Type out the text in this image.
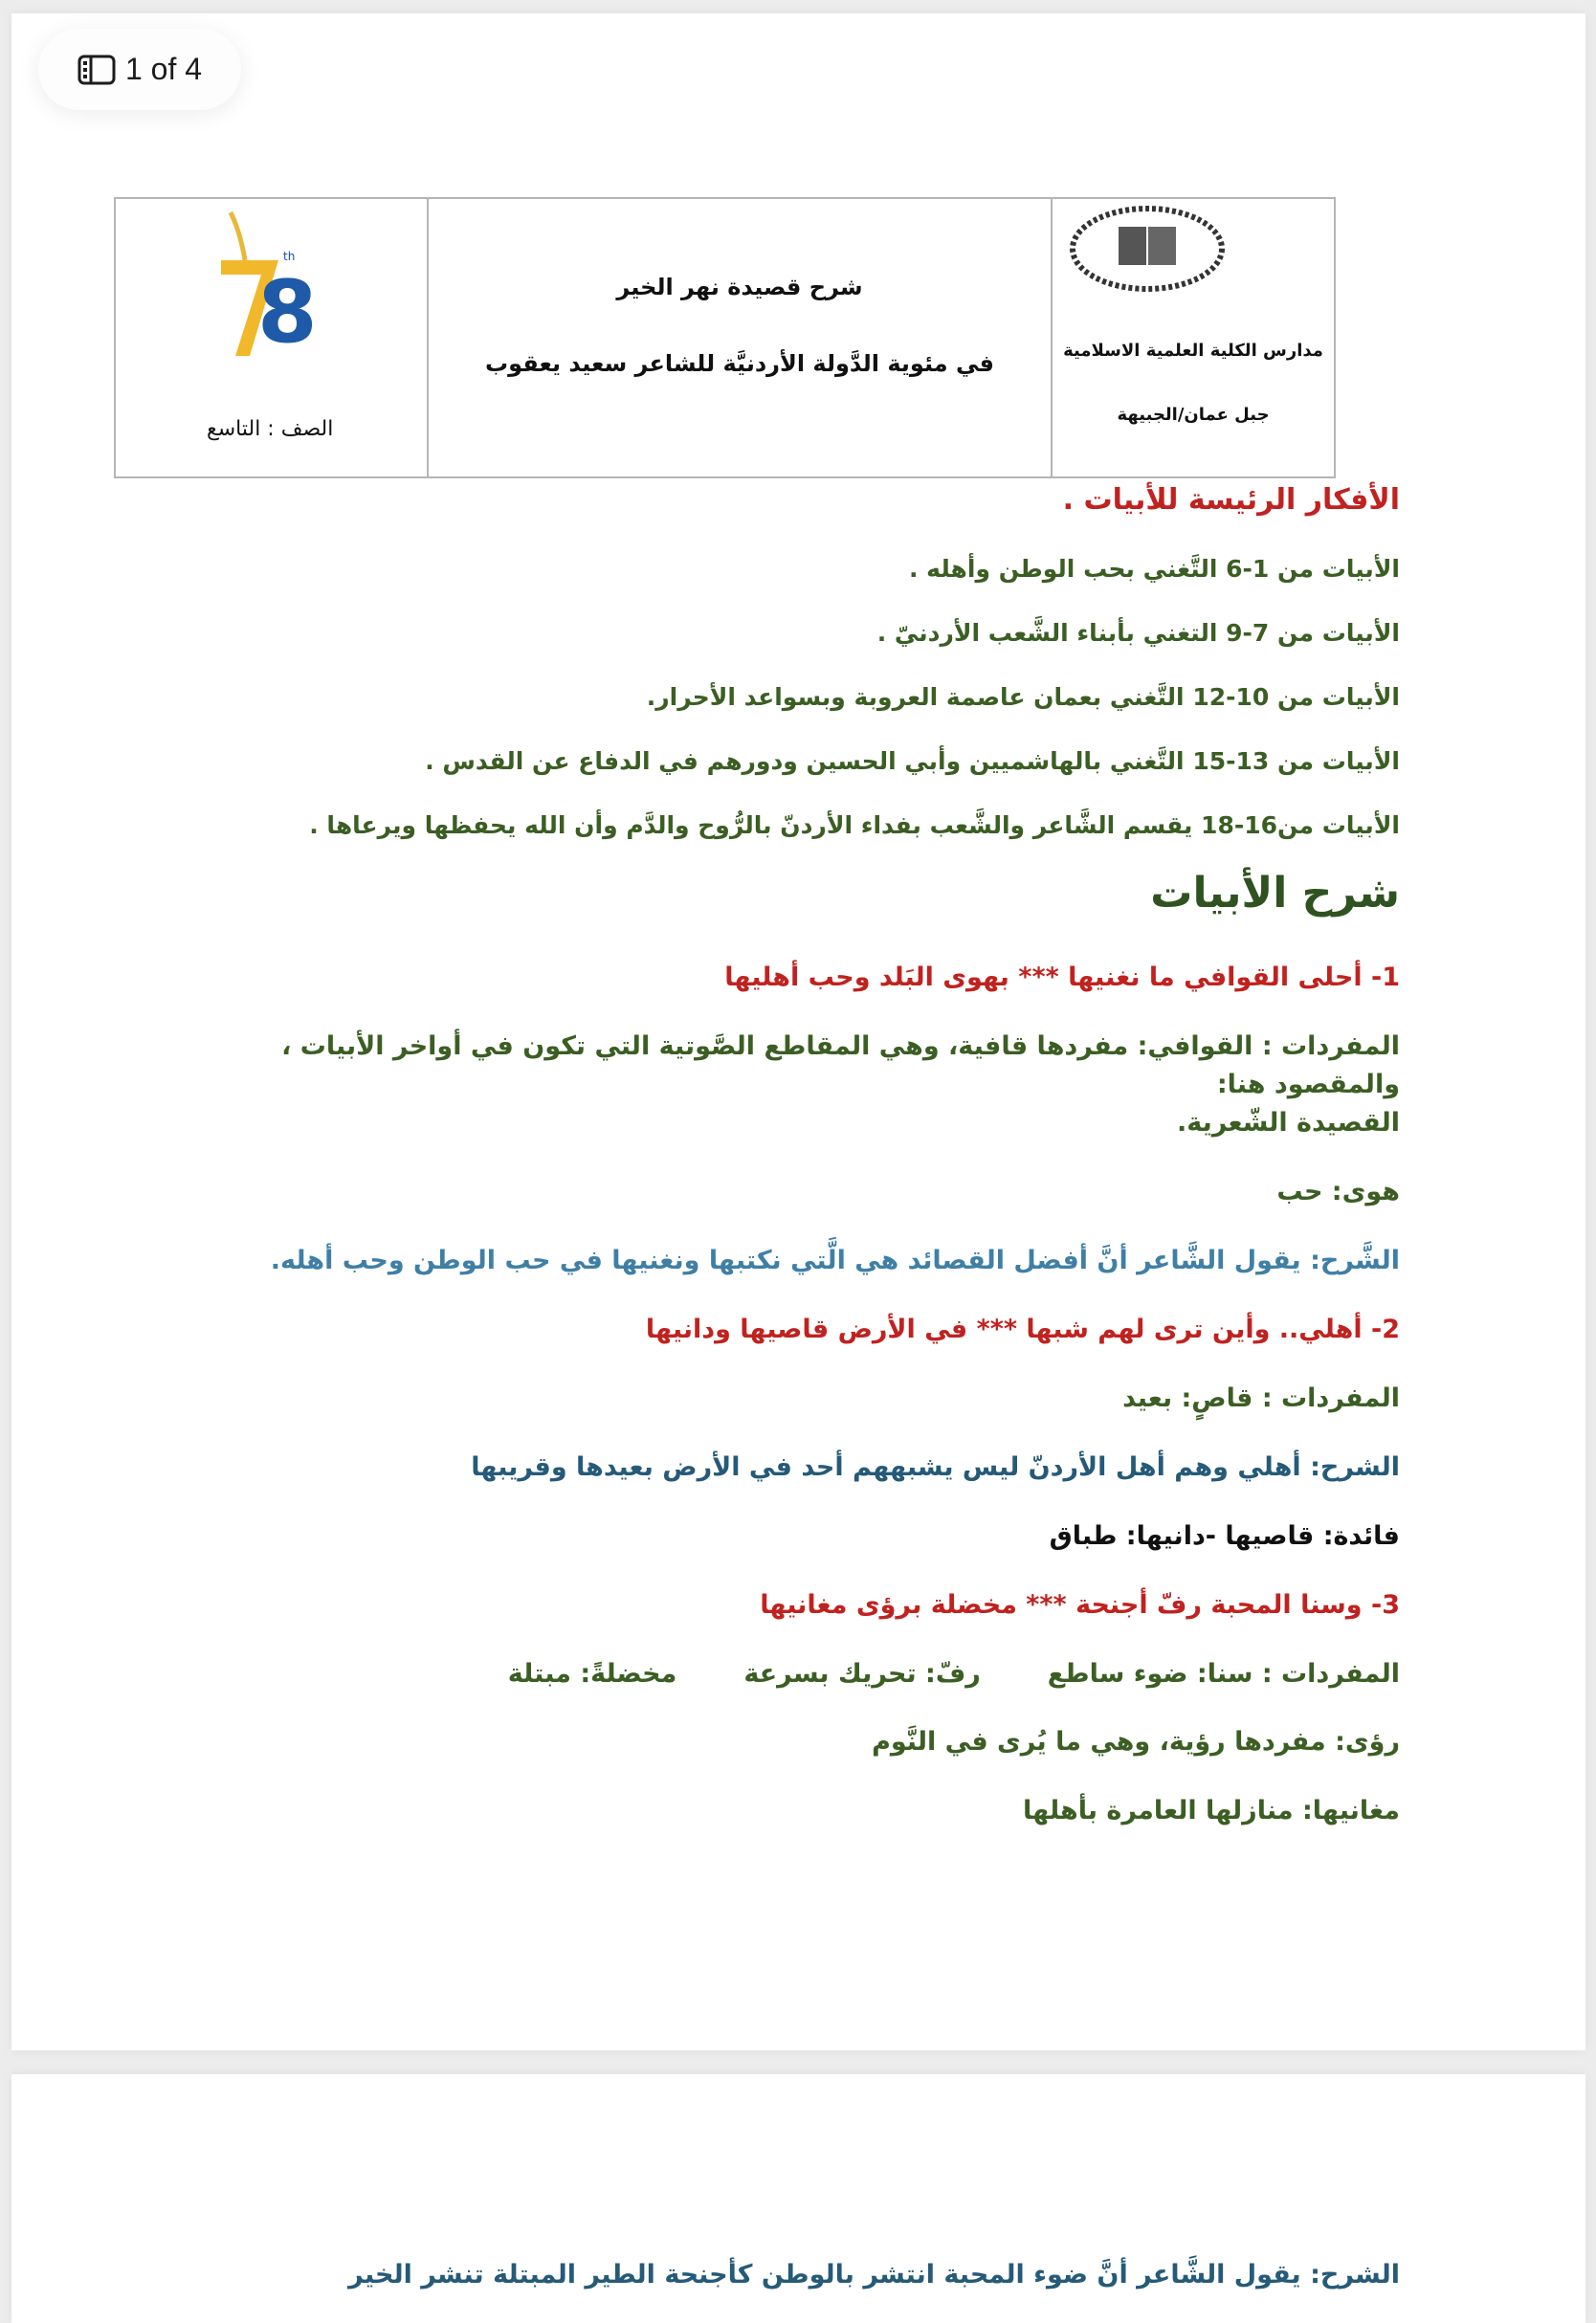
1 of 4
th
8
الصف : التاسع

شرح قصيدة نهر الخير
في مئوية الدَّولة الأردنيَّة للشاعر سعيد يعقوب	مدارس الكلية العلمية الاسلامية
جبل عمان/الجبيهة
الأفكار الرئيسة للأبيات .
الأبيات من 1-6 التَّغني بحب الوطن وأهله .
الأبيات من 7-9 التغني بأبناء الشَّعب الأردنيّ .
الأبيات من 10-12 التَّغني بعمان عاصمة العروبة وبسواعد الأحرار.
الأبيات من 13-15 التَّغني بالهاشميين وأبي الحسين ودورهم في الدفاع عن القدس .
الأبيات من16-18 يقسم الشَّاعر والشَّعب بفداء الأردنّ بالرُّوح والدَّم وأن الله يحفظها ويرعاها .
شرح الأبيات
1- أحلى القوافي ما نغنيها *** بهوى البَلد وحب أهليها
المفردات : القوافي: مفردها قافية، وهي المقاطع الصَّوتية التي تكون في أواخر الأبيات ، والمقصود هنا:
القصيدة الشّعرية.
هوى: حب
الشَّرح: يقول الشَّاعر أنَّ أفضل القصائد هي الَّتي نكتبها ونغنيها في حب الوطن وحب أهله.
2- أهلي.. وأين ترى لهم شبها *** في الأرض قاصيها ودانيها
المفردات : قاصٍ: بعيد
الشرح: أهلي وهم أهل الأردنّ ليس يشبههم أحد في الأرض بعيدها وقريبها
فائدة: قاصيها -دانيها: طباق
3- وسنا المحبة رفّ أجنحة *** مخضلة برؤى مغانيها
المفردات : سنا: ضوء ساطع
رفّ: تحريك بسرعة
مخضلةً: مبتلة
رؤى: مفردها رؤية، وهي ما يُرى في النَّوم
مغانيها: منازلها العامرة بأهلها
الشرح: يقول الشَّاعر أنَّ ضوء المحبة انتشر بالوطن كأجنحة الطير المبتلة تنشر الخير
